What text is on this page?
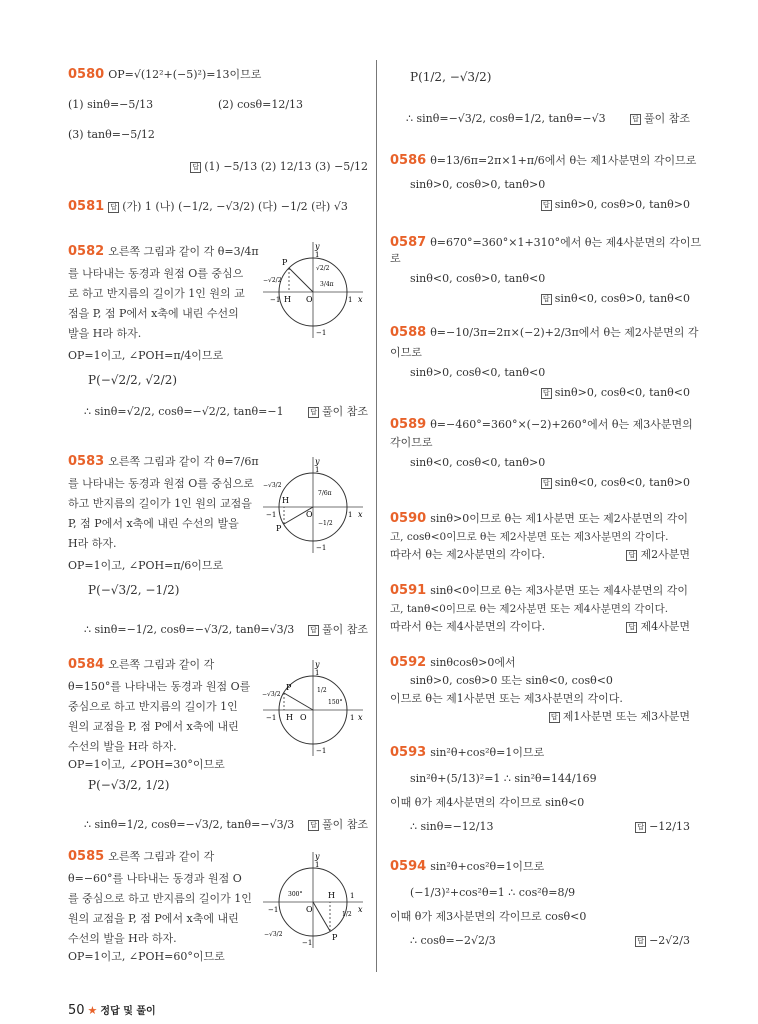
0580 OP=√(12²+(−5)²)=13이므로
(1) sinθ=−5/13	(2) cosθ=12/13
(3) tanθ=−5/12
답 (1) −5/13 (2) 12/13 (3) −5/12
0581 답 (가) 1 (나) (−1/2, −√3/2) (다) −1/2 (라) √3
0582 오른쪽 그림과 같이 각 θ=3/4π
를 나타내는 동경과 원점 O를 중심으
로 하고 반지름의 길이가 1인 원의 교
점을 P, 점 P에서 x축에 내린 수선의
발을 H라 하자.
OP=1이고, ∠POH=π/4이므로
P(−√2/2, √2/2)
∴ sinθ=√2/2, cosθ=−√2/2, tanθ=−1	답 풀이 참조
y
x
P
H O
1
1
−1
−1
√2/2
−√2/2
3/4π
0583 오른쪽 그림과 같이 각 θ=7/6π
를 나타내는 동경과 원점 O를 중심으로
하고 반지름의 길이가 1인 원의 교점을
P, 점 P에서 x축에 내린 수선의 발을
H라 하자.
OP=1이고, ∠POH=π/6이므로
P(−√3/2, −1/2)
∴ sinθ=−1/2, cosθ=−√3/2, tanθ=√3/3	답 풀이 참조
y
x
P
H
O
1
1
−1
−1
−√3/2
−1/2
7/6π
0584 오른쪽 그림과 같이 각
θ=150°를 나타내는 동경과 원점 O를
중심으로 하고 반지름의 길이가 1인
원의 교점을 P, 점 P에서 x축에 내린
수선의 발을 H라 하자.
OP=1이고, ∠POH=30°이므로
P(−√3/2, 1/2)
∴ sinθ=1/2, cosθ=−√3/2, tanθ=−√3/3	답 풀이 참조
y
x
P
H O
1
1
−1
−1
−√3/2
1/2
150°
0585 오른쪽 그림과 같이 각
θ=−60°를 나타내는 동경과 원점 O
를 중심으로 하고 반지름의 길이가 1인
원의 교점을 P, 점 P에서 x축에 내린
수선의 발을 H라 하자.
OP=1이고, ∠POH=60°이므로
y
x
P
H
O
1
1
−1
−1
−√3/2
1/2
300°
P(1/2, −√3/2)
∴ sinθ=−√3/2, cosθ=1/2, tanθ=−√3	답 풀이 참조
0586 θ=13/6π=2π×1+π/6에서 θ는 제1사분면의 각이므로
sinθ>0, cosθ>0, tanθ>0
답 sinθ>0, cosθ>0, tanθ>0
0587 θ=670°=360°×1+310°에서 θ는 제4사분면의 각이므
로
sinθ<0, cosθ>0, tanθ<0
답 sinθ<0, cosθ>0, tanθ<0
0588 θ=−10/3π=2π×(−2)+2/3π에서 θ는 제2사분면의 각
이므로
sinθ>0, cosθ<0, tanθ<0
답 sinθ>0, cosθ<0, tanθ<0
0589 θ=−460°=360°×(−2)+260°에서 θ는 제3사분면의
각이므로
sinθ<0, cosθ<0, tanθ>0
답 sinθ<0, cosθ<0, tanθ>0
0590 sinθ>0이므로 θ는 제1사분면 또는 제2사분면의 각이
고, cosθ<0이므로 θ는 제2사분면 또는 제3사분면의 각이다.
따라서 θ는 제2사분면의 각이다.	답 제2사분면
0591 sinθ<0이므로 θ는 제3사분면 또는 제4사분면의 각이
고, tanθ<0이므로 θ는 제2사분면 또는 제4사분면의 각이다.
따라서 θ는 제4사분면의 각이다.	답 제4사분면
0592 sinθcosθ>0에서
sinθ>0, cosθ>0 또는 sinθ<0, cosθ<0
이므로 θ는 제1사분면 또는 제3사분면의 각이다.
답 제1사분면 또는 제3사분면
0593 sin²θ+cos²θ=1이므로
sin²θ+(5/13)²=1 ∴ sin²θ=144/169
이때 θ가 제4사분면의 각이므로 sinθ<0
∴ sinθ=−12/13	답 −12/13
0594 sin²θ+cos²θ=1이므로
(−1/3)²+cos²θ=1 ∴ cos²θ=8/9
이때 θ가 제3사분면의 각이므로 cosθ<0
∴ cosθ=−2√2/3	답 −2√2/3
50 ★ 정답 및 풀이
